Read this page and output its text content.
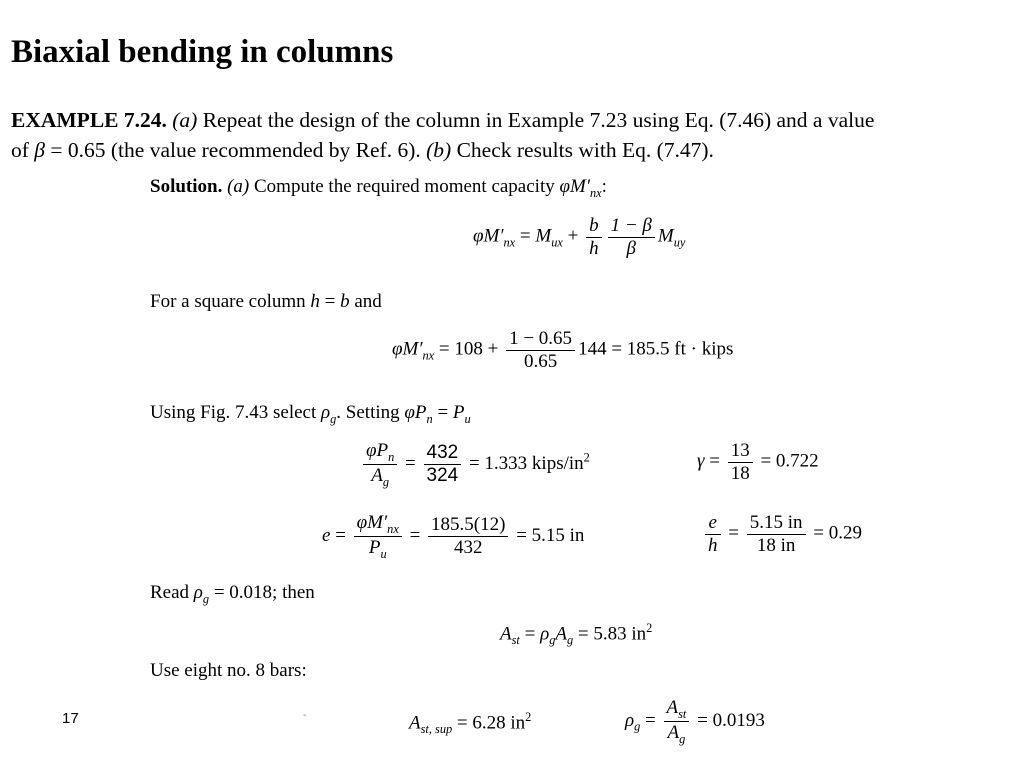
Biaxial bending in columns
EXAMPLE 7.24. (a) Repeat the design of the column in Example 7.23 using Eq. (7.46) and a value
of β = 0.65 (the value recommended by Ref. 6). (b) Check results with Eq. (7.47).
Solution. (a) Compute the required moment capacity $\varphi M'_{nx}$:
$\varphi M'_{nx} = M_{ux} + \frac{b}{h} \frac{1 - \beta}{\beta} M_{uy}$
For a square column h = b and
$\varphi M'_{nx} = 108 + \frac{1 - 0.65}{0.65} 144 = 185.5$ ft · kips
Using Fig. 7.43 select $\rho_g$. Setting $\varphi P_n = P_u$
$\frac{\varphi P_n}{A_g} = \frac{432}{324} = 1.333$ kips/$in^2$	$\gamma = \frac{13}{18} = 0.722$
$e = \frac{\varphi M'_{nx}}{P_u} = \frac{185.5(12)}{432} = 5.15$ in	$\frac{e}{h} = \frac{5.15 in}{18 in} = 0.29$
Read $\rho_g = 0.018$; then
$A_{st} = \rho_gA_g = 5.83$ $in^2$
Use eight no. 8 bars:
$A_{st, sup} = 6.28$ $in^2$	$\rho_g = \frac{A_{st}}{A_g} = 0.0193$
17	-
